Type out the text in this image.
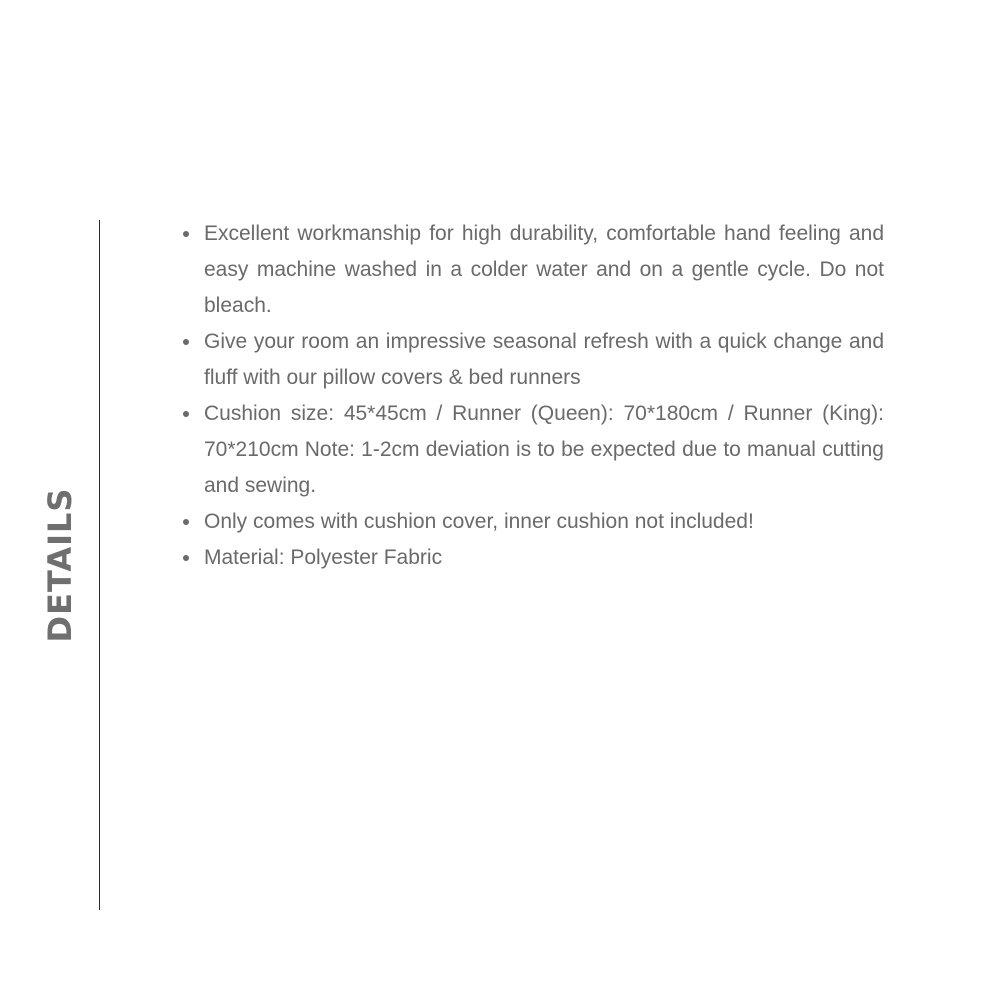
DETAILS
Excellent workmanship for high durability, comfortable hand feeling and easy machine washed in a colder water and on a gentle cycle. Do not bleach.
Give your room an impressive seasonal refresh with a quick change and fluff with our pillow covers & bed runners
Cushion size: 45*45cm / Runner (Queen): 70*180cm / Runner (King): 70*210cm Note: 1-2cm deviation is to be expected due to manual cutting and sewing.
Only comes with cushion cover, inner cushion not included!
Material: Polyester Fabric
